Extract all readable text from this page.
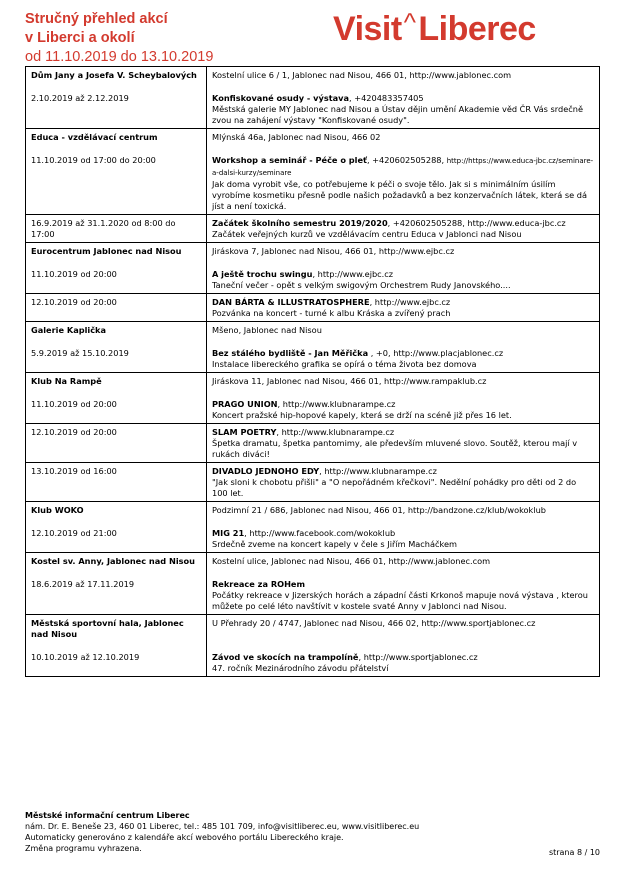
Stručný přehled akcí
v Liberci a okolí
od 11.10.2019 do 13.10.2019
Visit^Liberec
Dům Jany a Josefa V. Scheybalových	Kostelní ulice 6 / 1, Jablonec nad Nisou, 466 01, http://www.jablonec.com
2.10.2019 až 2.12.2019	Konfiskované osudy - výstava, +420483357405
Městská galerie MY Jablonec nad Nisou a Ústav dějin umění Akademie věd ČR Vás srdečně zvou na zahájení výstavy "Konfiskované osudy".

Educa - vzdělávací centrum	Mlýnská 46a, Jablonec nad Nisou, 466 02
11.10.2019 od 17:00 do 20:00	Workshop a seminář - Péče o pleť, +420602505288, http://https://www.educa-jbc.cz/seminare-a-dalsi-kurzy/seminare
Jak doma vyrobit vše, co potřebujeme k péči o svoje tělo. Jak si s minimálním úsilím vyrobíme kosmetiku přesně podle našich požadavků a bez konzervačních látek, která se dá jíst a není toxická.

16.9.2019 až 31.1.2020 od 8:00 do 17:00	Začátek školního semestru 2019/2020, +420602505288, http://www.educa-jbc.cz
Začátek veřejných kurzů ve vzdělávacím centru Educa v Jablonci nad Nisou

Eurocentrum Jablonec nad Nisou	Jiráskova 7, Jablonec nad Nisou, 466 01, http://www.ejbc.cz
11.10.2019 od 20:00	A ještě trochu swingu, http://www.ejbc.cz
Taneční večer - opět s velkým swigovým Orchestrem Rudy Janovského....

12.10.2019 od 20:00	DAN BÁRTA & ILLUSTRATOSPHERE, http://www.ejbc.cz
Pozvánka na koncert - turné k albu Kráska a zvířený prach

Galerie Kaplička	Mšeno, Jablonec nad Nisou
5.9.2019 až 15.10.2019	Bez stálého bydliště - Jan Měřička , +0, http://www.placjablonec.cz
Instalace libereckého grafika se opírá o téma života bez domova

Klub Na Rampě	Jiráskova 11, Jablonec nad Nisou, 466 01, http://www.rampaklub.cz
11.10.2019 od 20:00	PRAGO UNION, http://www.klubnarampe.cz
Koncert pražské hip-hopové kapely, která se drží na scéně již přes 16 let.

12.10.2019 od 20:00	SLAM POETRY, http://www.klubnarampe.cz
Špetka dramatu, špetka pantomimy, ale především mluvené slovo. Soutěž, kterou mají v rukách diváci!

13.10.2019 od 16:00	DIVADLO JEDNOHO EDY, http://www.klubnarampe.cz
"Jak sloni k chobotu přišli" a "O nepořádném křečkovi". Nedělní pohádky pro děti od 2 do 100 let.

Klub WOKO	Podzimní 21 / 686, Jablonec nad Nisou, 466 01, http://bandzone.cz/klub/wokoklub
12.10.2019 od 21:00	MIG 21, http://www.facebook.com/wokoklub
Srdečně zveme na koncert kapely v čele s Jiřím Macháčkem

Kostel sv. Anny, Jablonec nad Nisou	Kostelní ulice, Jablonec nad Nisou, 466 01, http://www.jablonec.com
18.6.2019 až 17.11.2019	Rekreace za ROHem
Počátky rekreace v Jizerských horách a západní části Krkonoš mapuje nová výstava , kterou můžete po celé léto navštívit v kostele svaté Anny v Jablonci nad Nisou.

Městská sportovní hala, Jablonec nad Nisou	U Přehrady 20 / 4747, Jablonec nad Nisou, 466 02, http://www.sportjablonec.cz
10.10.2019 až 12.10.2019	Závod ve skocích na trampolíně, http://www.sportjablonec.cz
47. ročník Mezinárodního závodu přátelství
Městské informační centrum Liberec
nám. Dr. E. Beneše 23, 460 01 Liberec, tel.: 485 101 709, info@visitliberec.eu, www.visitliberec.eu
Automaticky generováno z kalendáře akcí webového portálu Libereckého kraje.
Změna programu vyhrazena.	strana 8 / 10
